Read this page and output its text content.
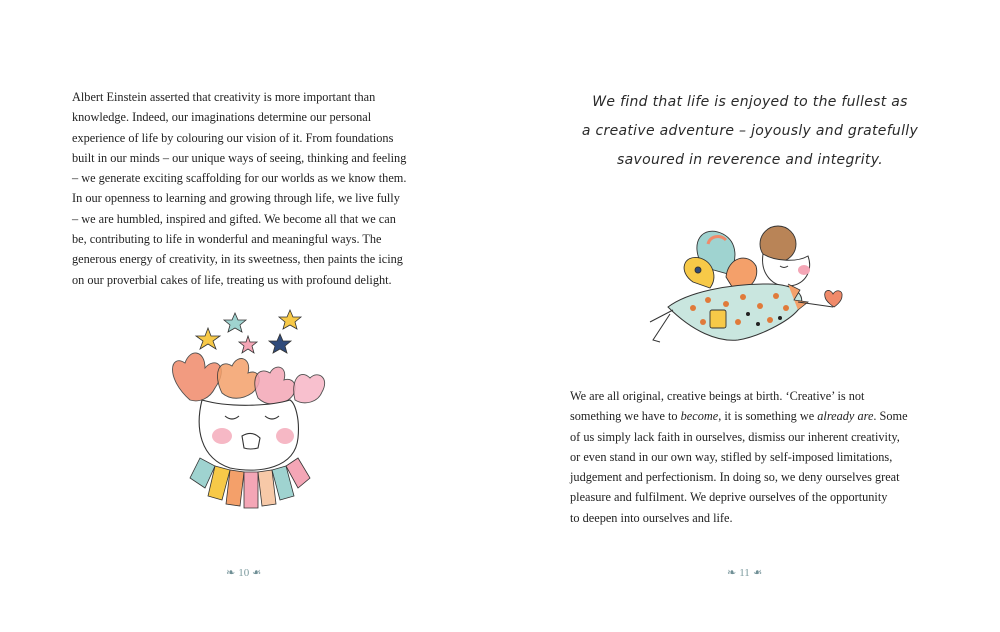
Albert Einstein asserted that creativity is more important than
knowledge. Indeed, our imaginations determine our personal
experience of life by colouring our vision of it. From foundations
built in our minds – our unique ways of seeing, thinking and feeling
– we generate exciting scaffolding for our worlds as we know them.
In our openness to learning and growing through life, we live fully
– we are humbled, inspired and gifted. We become all that we can
be, contributing to life in wonderful and meaningful ways. The
generous energy of creativity, in its sweetness, then paints the icing
on our proverbial cakes of life, treating us with profound delight.

❧ 10 ❧
We find that life is enjoyed to the fullest as
a creative adventure – joyously and gratefully
savoured in reverence and integrity.

We are all original, creative beings at birth. ‘Creative’ is not
something we have to become, it is something we already are. Some
of us simply lack faith in ourselves, dismiss our inherent creativity,
or even stand in our own way, stifled by self-imposed limitations,
judgement and perfectionism. In doing so, we deny ourselves great
pleasure and fulfilment. We deprive ourselves of the opportunity
to deepen into ourselves and life.

❧ 11 ❧
